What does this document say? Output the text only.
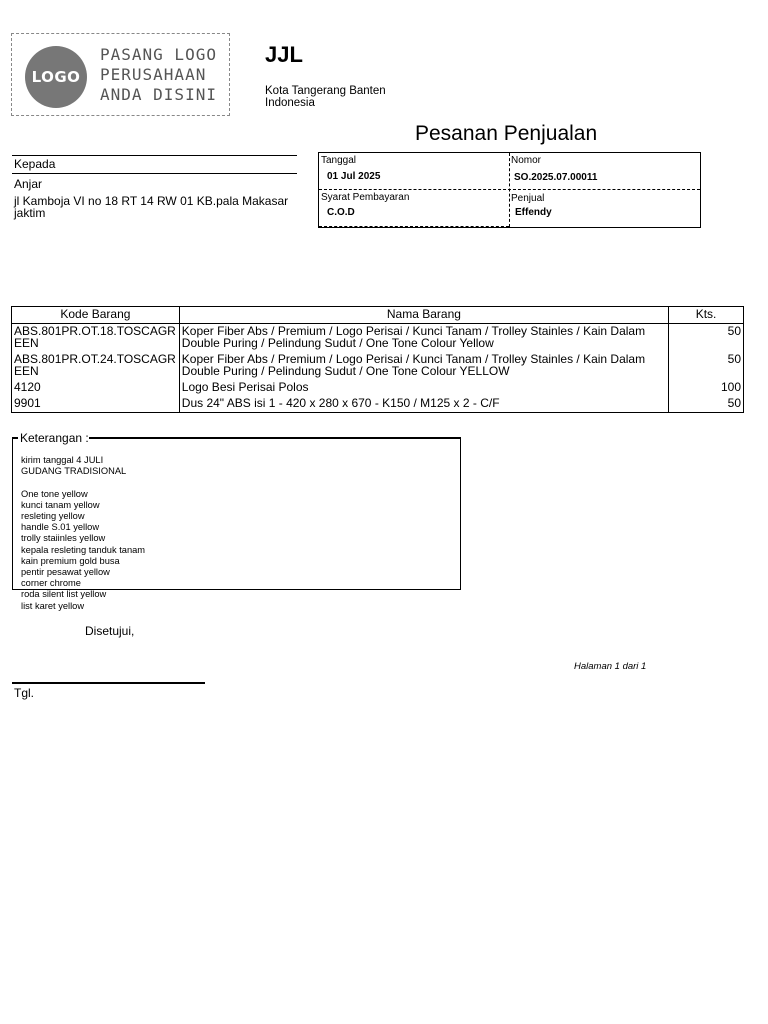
LOGO
PASANG LOGO
PERUSAHAAN
ANDA DISINI
JJL
Kota Tangerang Banten
Indonesia
Pesanan Penjualan
Kepada
Anjar
jl Kamboja VI no 18 RT 14 RW 01 KB.pala Makasar jaktim
Tanggal
01 Jul 2025
Nomor
SO.2025.07.00011
Syarat Pembayaran
C.O.D
Penjual
Effendy
Kode Barang	Nama Barang	Kts.
ABS.801PR.OT.18.TOSCAGREEN	Koper Fiber Abs / Premium / Logo Perisai / Kunci Tanam / Trolley Stainles / Kain Dalam Double Puring / Pelindung Sudut / One Tone Colour Yellow	50
ABS.801PR.OT.24.TOSCAGREEN	Koper Fiber Abs / Premium / Logo Perisai / Kunci Tanam / Trolley Stainles / Kain Dalam Double Puring / Pelindung Sudut / One Tone Colour YELLOW	50
4120	Logo Besi Perisai Polos	100
9901	Dus 24" ABS isi 1 - 420 x 280 x 670 - K150 / M125 x 2 - C/F	50
Keterangan :
kirim tanggal 4 JULI
GUDANG TRADISIONAL

One tone yellow
kunci tanam yellow
resleting yellow
handle S.01 yellow
trolly staiinles yellow
kepala resleting tanduk tanam
kain premium gold busa
pentir pesawat yellow
corner chrome
roda silent list yellow
list karet yellow
Disetujui,
Halaman 1 dari 1
Tgl.
